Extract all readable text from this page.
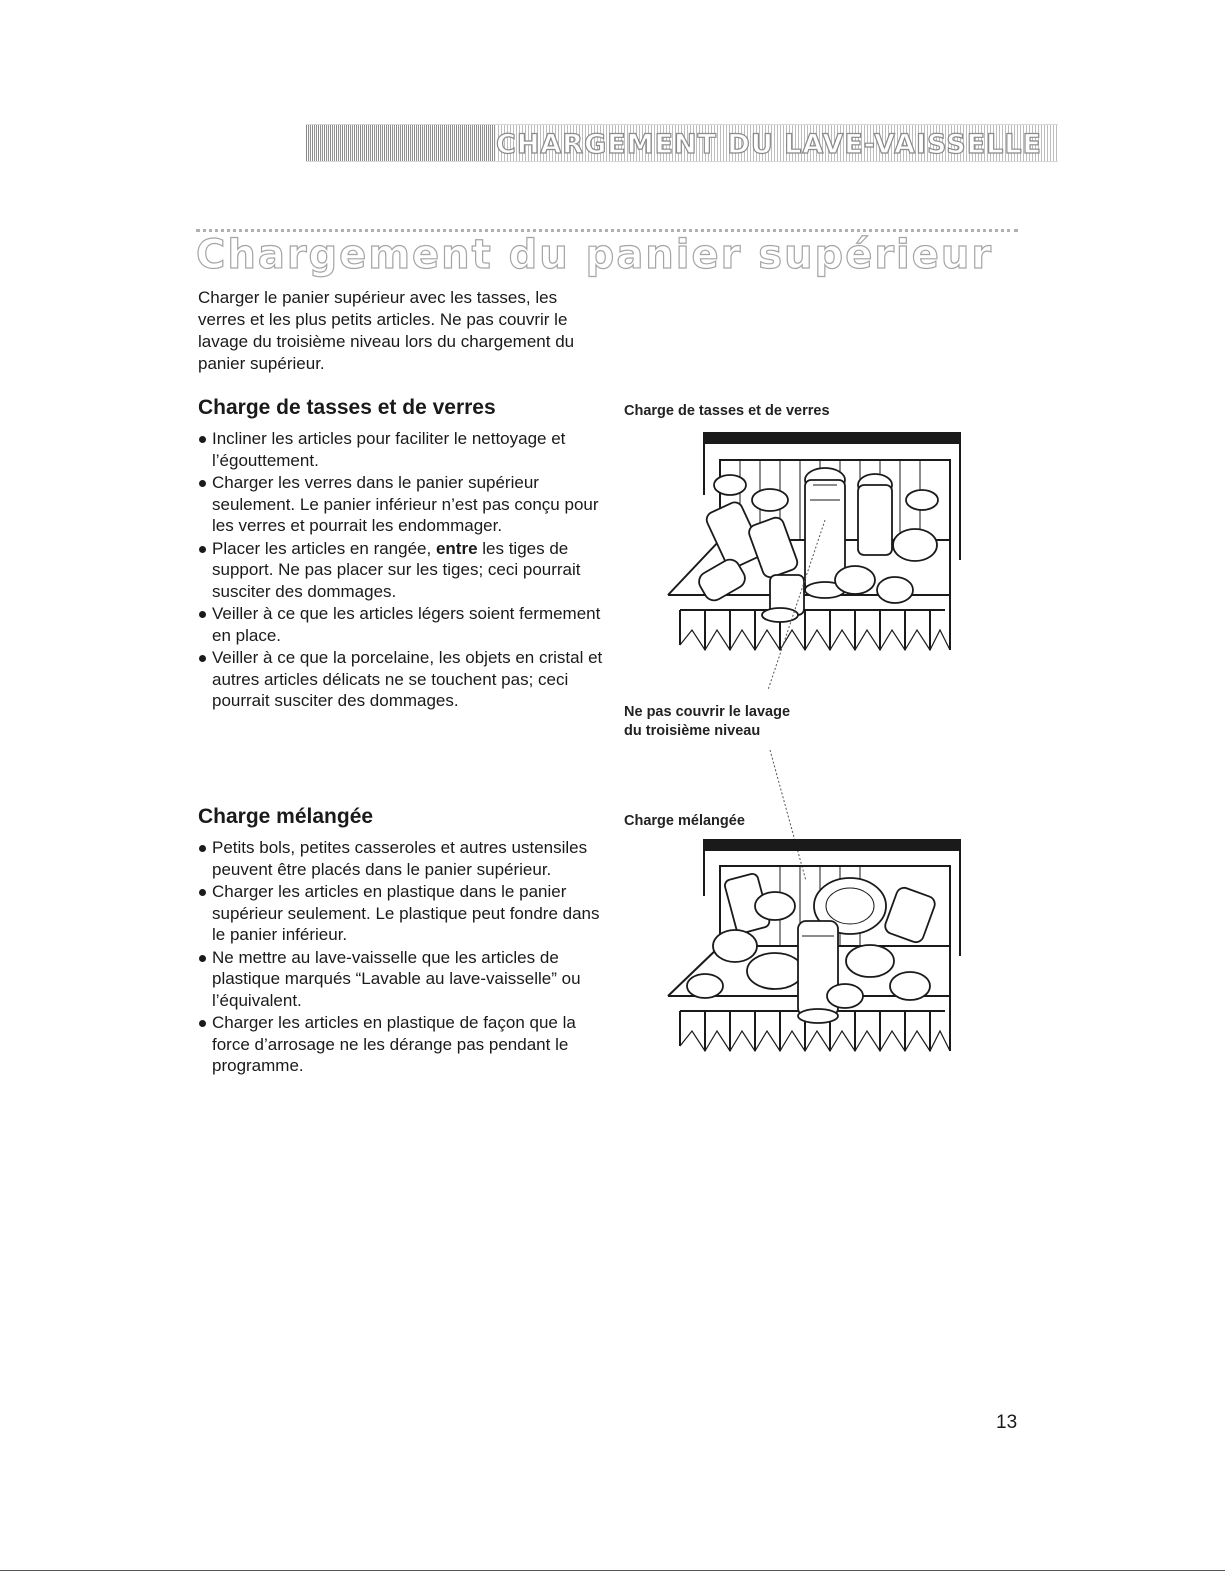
CHARGEMENT DU LAVE-VAISSELLE
Chargement du panier supérieur

Charger le panier supérieur avec les tasses, les verres et les plus petits articles. Ne pas couvrir le lavage du troisième niveau lors du chargement du panier supérieur.

Charge de tasses et de verres
Incliner les articles pour faciliter le nettoyage et l’égouttement.
Charger les verres dans le panier supérieur seulement. Le panier inférieur n’est pas conçu pour les verres et pourrait les endommager.
Placer les articles en rangée, entre les tiges de support. Ne pas placer sur les tiges; ceci pourrait susciter des dommages.
Veiller à ce que les articles légers soient fermement en place.
Veiller à ce que la porcelaine, les objets en cristal et autres articles délicats ne se touchent pas; ceci pourrait susciter des dommages.
Charge mélangée
Petits bols, petites casseroles et autres ustensiles peuvent être placés dans le panier supérieur.
Charger les articles en plastique dans le panier supérieur seulement. Le plastique peut fondre dans le panier inférieur.
Ne mettre au lave-vaisselle que les articles de plastique marqués “Lavable au lave-vaisselle” ou l’équivalent.
Charger les articles en plastique de façon que la force d’arrosage ne les dérange pas pendant le programme.

Charge de tasses et de verres

Ne pas couvrir le lavage
du troisième niveau

Charge mélangée

13
